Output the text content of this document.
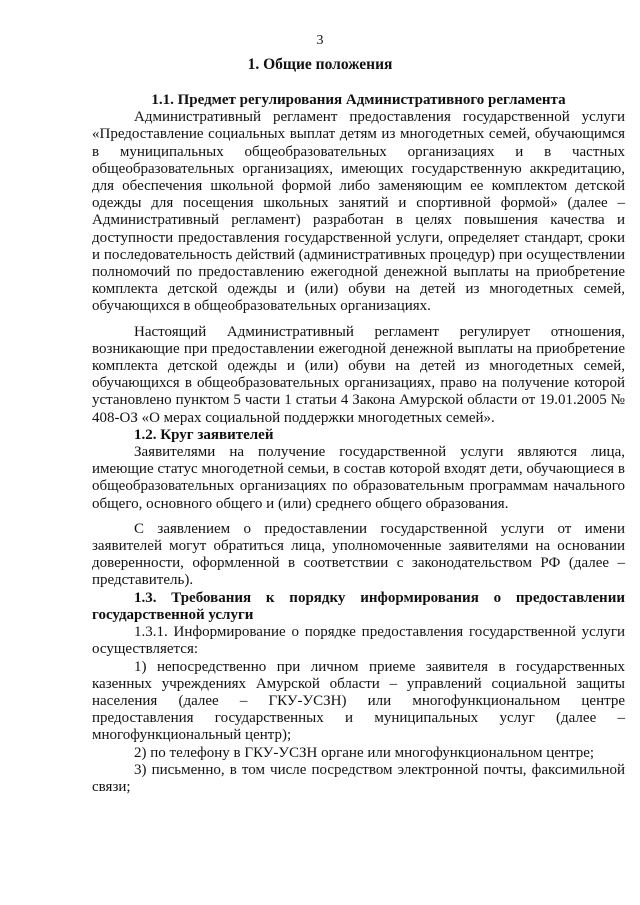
3
1. Общие положения
1.1. Предмет регулирования Административного регламента

Административный регламент предоставления государственной услуги «Предоставление социальных выплат детям из многодетных семей, обучающимся в муниципальных общеобразовательных организациях и в частных общеобразовательных организациях, имеющих государственную аккредитацию, для обеспечения школьной формой либо заменяющим ее комплектом детской одежды для посещения школьных занятий и спортивной формой» (далее – Административный регламент) разработан в целях повышения качества и доступности предоставления государственной услуги, определяет стандарт, сроки и последовательность действий (административных процедур) при осуществлении полномочий по предоставлению ежегодной денежной выплаты на приобретение комплекта детской одежды и (или) обуви на детей из многодетных семей, обучающихся в общеобразовательных организациях.

Настоящий Административный регламент регулирует отношения, возникающие при предоставлении ежегодной денежной выплаты на приобретение комплекта детской одежды и (или) обуви на детей из многодетных семей, обучающихся в общеобразовательных организациях, право на получение которой установлено пунктом 5 части 1 статьи 4 Закона Амурской области от 19.01.2005 № 408-ОЗ «О мерах социальной поддержки многодетных семей».

1.2. Круг заявителей

Заявителями на получение государственной услуги являются лица, имеющие статус многодетной семьи, в состав которой входят дети, обучающиеся в общеобразовательных организациях по образовательным программам начального общего, основного общего и (или) среднего общего образования.

С заявлением о предоставлении государственной услуги от имени заявителей могут обратиться лица, уполномоченные заявителями на основании доверенности, оформленной в соответствии с законодательством РФ (далее – представитель).

1.3. Требования к порядку информирования о предоставлении государственной услуги

1.3.1. Информирование о порядке предоставления государственной услуги осуществляется:

1) непосредственно при личном приеме заявителя в государственных казенных учреждениях Амурской области – управлений социальной защиты населения (далее – ГКУ-УСЗН) или многофункциональном центре предоставления государственных и муниципальных услуг (далее – многофункциональный центр);

2) по телефону в ГКУ-УСЗН органе или многофункциональном центре;

3) письменно, в том числе посредством электронной почты, факсимильной связи;
